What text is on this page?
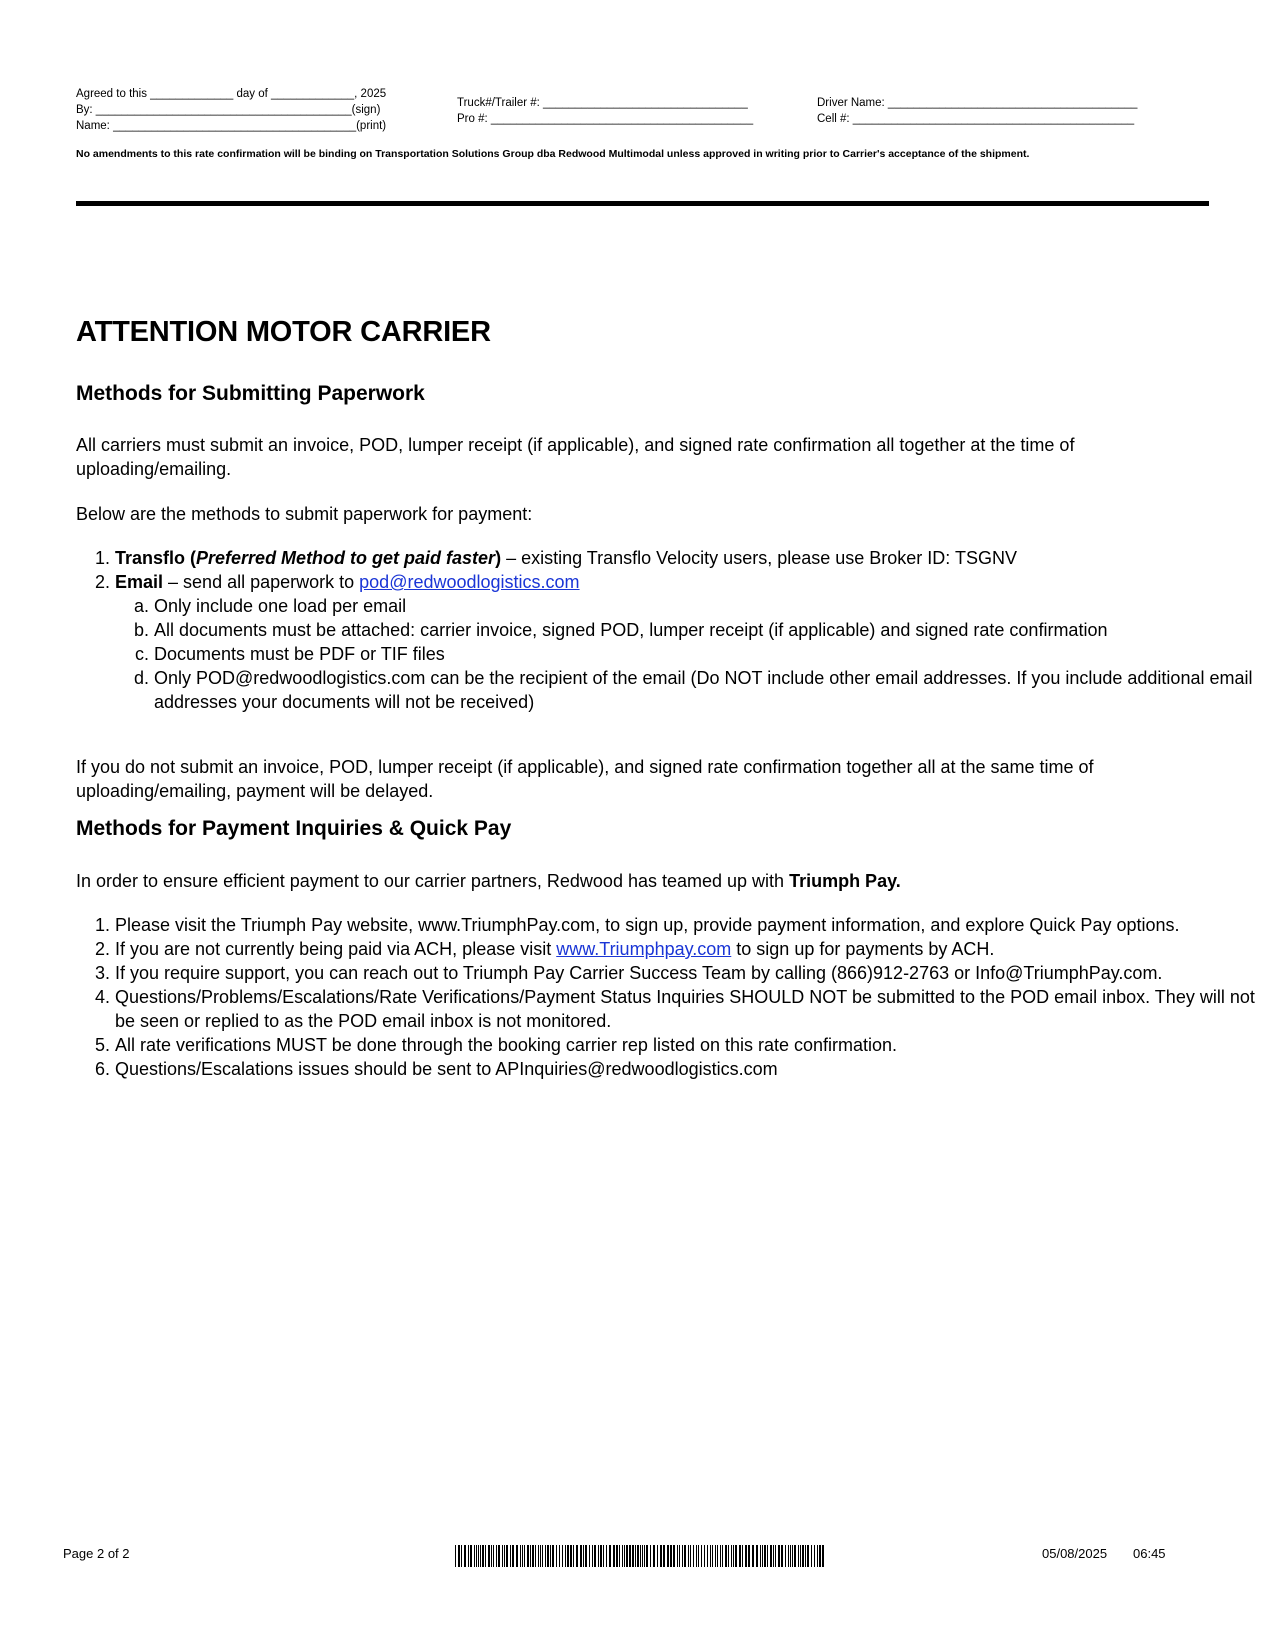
Agreed to this _____________ day of _____________, 2025
By: ________________________________________(sign)
Name: ______________________________________(print)
Truck#/Trailer #: ________________________________
Pro #: _________________________________________
Driver Name: _______________________________________
Cell #: ____________________________________________
No amendments to this rate confirmation will be binding on Transportation Solutions Group dba Redwood Multimodal unless approved in writing prior to Carrier's acceptance of the shipment.
ATTENTION MOTOR CARRIER
Methods for Submitting Paperwork

All carriers must submit an invoice, POD, lumper receipt (if applicable), and signed rate confirmation all together at the time of uploading/emailing.

Below are the methods to submit paperwork for payment:

1. Transflo (Preferred Method to get paid faster) – existing Transflo Velocity users, please use Broker ID: TSGNV
2. Email – send all paperwork to pod@redwoodlogistics.com
a. Only include one load per email
b. All documents must be attached: carrier invoice, signed POD, lumper receipt (if applicable) and signed rate confirmation
c. Documents must be PDF or TIF files
d. Only POD@redwoodlogistics.com can be the recipient of the email (Do NOT include other email addresses. If you include additional email addresses your documents will not be received)

If you do not submit an invoice, POD, lumper receipt (if applicable), and signed rate confirmation together all at the same time of uploading/emailing, payment will be delayed.

Methods for Payment Inquiries & Quick Pay

In order to ensure efficient payment to our carrier partners, Redwood has teamed up with Triumph Pay.

1. Please visit the Triumph Pay website, www.TriumphPay.com, to sign up, provide payment information, and explore Quick Pay options.
2. If you are not currently being paid via ACH, please visit www.Triumphpay.com to sign up for payments by ACH.
3. If you require support, you can reach out to Triumph Pay Carrier Success Team by calling (866)912-2763 or Info@TriumphPay.com.
4. Questions/Problems/Escalations/Rate Verifications/Payment Status Inquiries SHOULD NOT be submitted to the POD email inbox. They will not be seen or replied to as the POD email inbox is not monitored.
5. All rate verifications MUST be done through the booking carrier rep listed on this rate confirmation.
6. Questions/Escalations issues should be sent to APInquiries@redwoodlogistics.com
Page 2 of 2	05/08/2025 06:45
